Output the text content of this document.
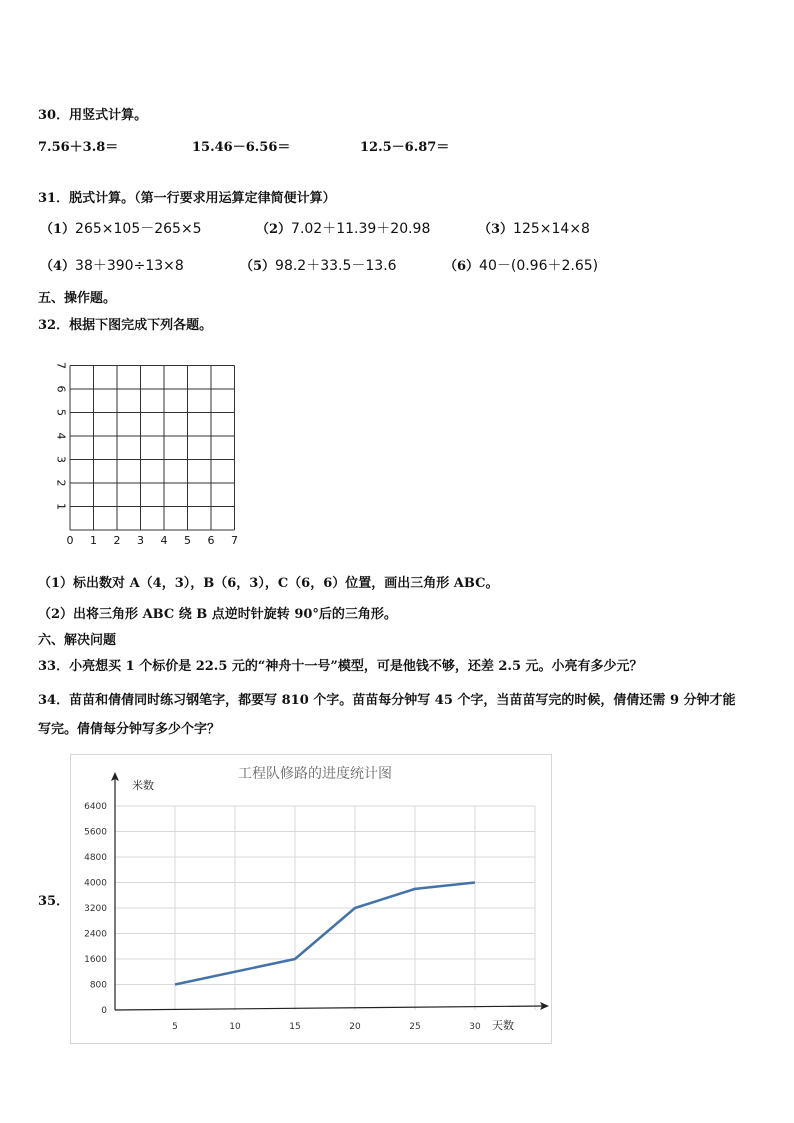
30．用竖式计算。
7.56＋3.8＝	15.46－6.56＝	12.5－6.87＝
31．脱式计算。（第一行要求用运算定律简便计算）
（1）265×105－265×5	（2）7.02＋11.39＋20.98	（3）125×14×8
（4）38＋390÷13×8	（5）98.2＋33.5－13.6	（6）40－(0.96＋2.65)
五、操作题。
32．根据下图完成下列各题。
0 1 2 3 4 5 6 7
1
2
3
4
5
6
7
（1）标出数对 A（4，3），B（6，3），C（6，6）位置，画出三角形 ABC。
（2）出将三角形 ABC 绕 B 点逆时针旋转 90°后的三角形。
六、解决问题
33．小亮想买 1 个标价是 22.5 元的“神舟十一号”模型，可是他钱不够，还差 2.5 元。小亮有多少元？
34．苗苗和倩倩同时练习钢笔字，都要写 810 个字。苗苗每分钟写 45 个字，当苗苗写完的时候，倩倩还需 9 分钟才能
写完。倩倩每分钟写多少个字？
35．
工程队修路的进度统计图
米数
天数
0
800
1600
2400
3200
4000
4800
5600
6400
5	10	15	20	25	30
